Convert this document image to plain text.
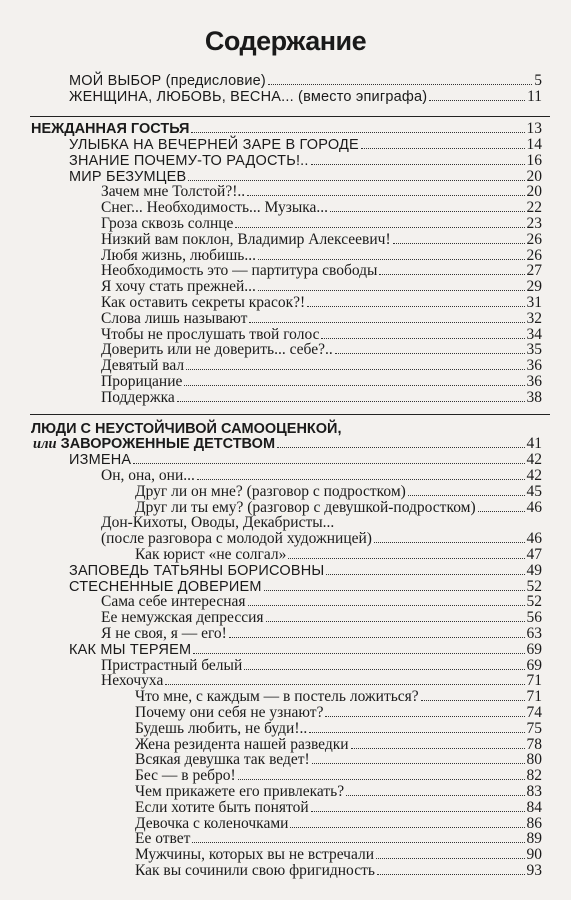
Содержание
МОЙ ВЫБОР (предисловие)	5
ЖЕНЩИНА, ЛЮБОВЬ, ВЕСНА... (вместо эпиграфа)	11
НЕЖДАННАЯ ГОСТЬЯ	13
УЛЫБКА НА ВЕЧЕРНЕЙ ЗАРЕ В ГОРОДЕ	14
ЗНАНИЕ ПОЧЕМУ-ТО РАДОСТЬ!..	16
МИР БЕЗУМЦЕВ	20
Зачем мне Толстой?!..	20
Снег... Необходимость... Музыка...	22
Гроза сквозь солнце	23
Низкий вам поклон, Владимир Алексеевич!	26
Любя жизнь, любишь...	26
Необходимость это — партитура свободы	27
Я хочу стать прежней...	29
Как оставить секреты красок?!	31
Слова лишь называют	32
Чтобы не прослушать твой голос	34
Доверить или не доверить... себе?..	35
Девятый вал	36
Прорицание	36
Поддержка	38
ЛЮДИ С НЕУСТОЙЧИВОЙ САМООЦЕНКОЙ,
или ЗАВОРОЖЕННЫЕ ДЕТСТВОМ	41
ИЗМЕНА	42
Он, она, они...	42
Друг ли он мне? (разговор с подростком)	45
Друг ли ты ему? (разговор с девушкой-подростком)	46
Дон-Кихоты, Оводы, Декабристы...
(после разговора с молодой художницей)	46
Как юрист «не солгал»	47
ЗАПОВЕДЬ ТАТЬЯНЫ БОРИСОВНЫ	49
СТЕСНЕННЫЕ ДОВЕРИЕМ	52
Сама себе интересная	52
Ее немужская депрессия	56
Я не своя, я — его!	63
КАК МЫ ТЕРЯЕМ	69
Пристрастный белый	69
Нехочуха	71
Что мне, с каждым — в постель ложиться?	71
Почему они себя не узнают?	74
Будешь любить, не буди!..	75
Жена резидента нашей разведки	78
Всякая девушка так ведет!	80
Бес — в ребро!	82
Чем прикажете его привлекать?	83
Если хотите быть понятой	84
Девочка с коленочками	86
Ее ответ	89
Мужчины, которых вы не встречали	90
Как вы сочинили свою фригидность	93
